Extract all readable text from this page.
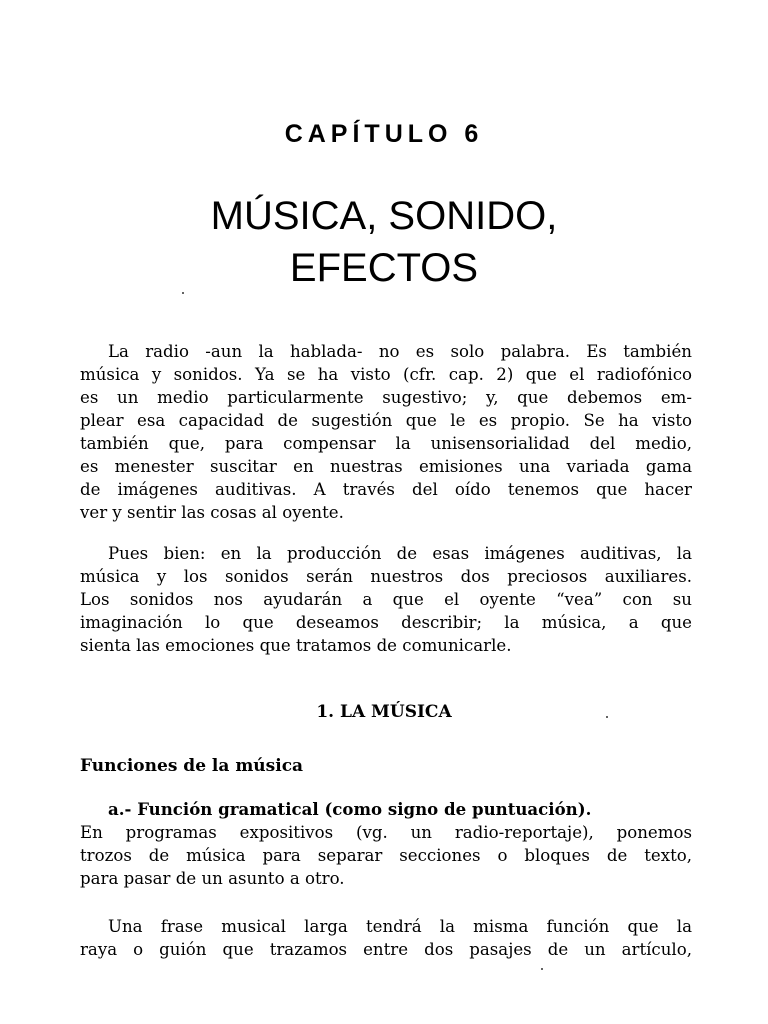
CAPÍTULO 6
MÚSICA, SONIDO,
EFECTOS
La radio -aun la hablada- no es solo palabra. Es también
música y sonidos. Ya se ha visto (cfr. cap. 2) que el radiofónico
es un medio particularmente sugestivo; y, que debemos em-
plear esa capacidad de sugestión que le es propio. Se ha visto
también que, para compensar la unisensorialidad del medio,
es menester suscitar en nuestras emisiones una variada gama
de imágenes auditivas. A través del oído tenemos que hacer
ver y sentir las cosas al oyente.
Pues bien: en la producción de esas imágenes auditivas, la
música y los sonidos serán nuestros dos preciosos auxiliares.
Los sonidos nos ayudarán a que el oyente “vea” con su
imaginación lo que deseamos describir; la música, a que
sienta las emociones que tratamos de comunicarle.
1. LA MÚSICA
Funciones de la música
a.- Función gramatical (como signo de puntuación).
En programas expositivos (vg. un radio-reportaje), ponemos
trozos de música para separar secciones o bloques de texto,
para pasar de un asunto a otro.
Una frase musical larga tendrá la misma función que la
raya o guión que trazamos entre dos pasajes de un artículo,
